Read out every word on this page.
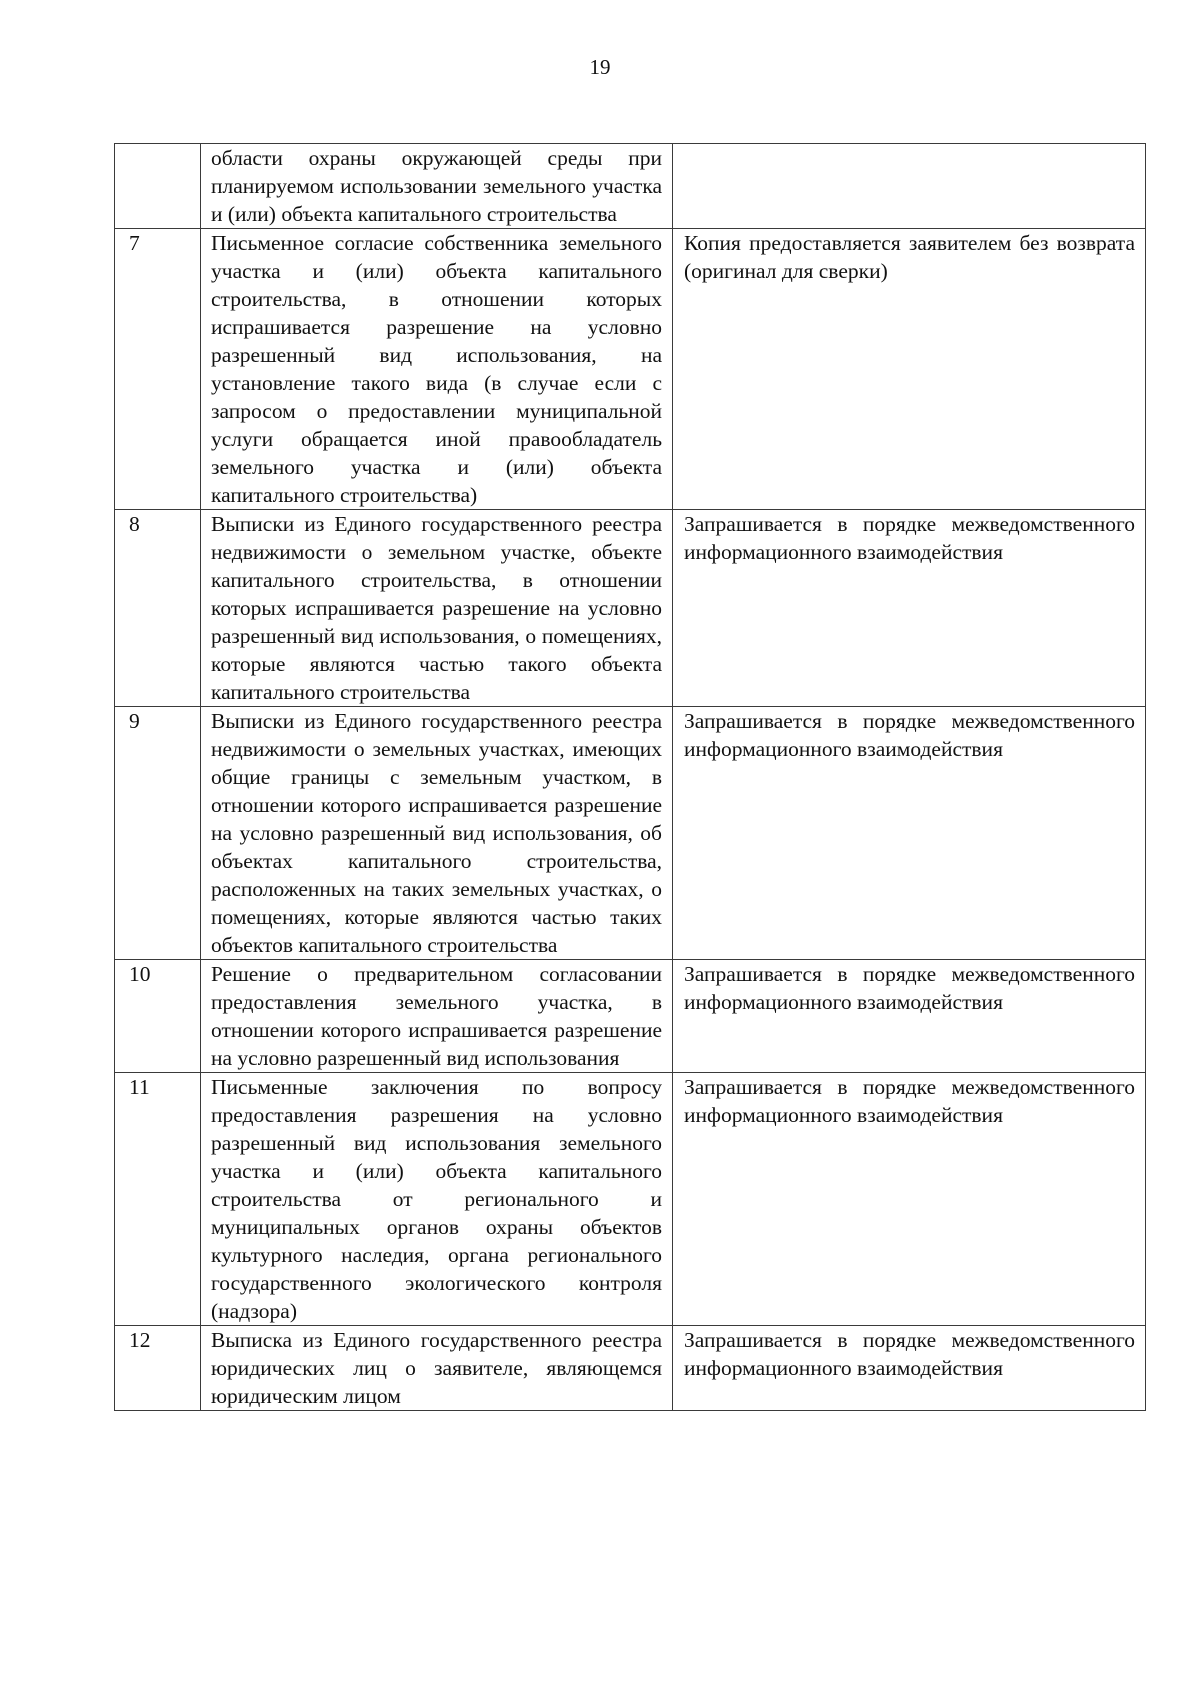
19

	области охраны окружающей среды при планируемом использовании земельного участка и (или) объекта капитального строительства	

7	Письменное согласие собственника земельного участка и (или) объекта капитального строительства, в отношении которых испрашивается разрешение на условно разрешенный вид использования, на установление такого вида (в случае если с запросом о предоставлении муниципальной услуги обращается иной правообладатель земельного участка и (или) объекта капитального строительства)	Копия предоставляется заявителем без возврата (оригинал для сверки)

8	Выписки из Единого государственного реестра недвижимости о земельном участке, объекте капитального строительства, в отношении которых испрашивается разрешение на условно разрешенный вид использования, о помещениях, которые являются частью такого объекта капитального строительства	Запрашивается в порядке межведомственного информационного взаимодействия

9	Выписки из Единого государственного реестра недвижимости о земельных участках, имеющих общие границы с земельным участком, в отношении которого испрашивается разрешение на условно разрешенный вид использования, об объектах капитального строительства, расположенных на таких земельных участках, о помещениях, которые являются частью таких объектов капитального строительства	Запрашивается в порядке межведомственного информационного взаимодействия

10	Решение о предварительном согласовании предоставления земельного участка, в отношении которого испрашивается разрешение на условно разрешенный вид использования	Запрашивается в порядке межведомственного информационного взаимодействия

11	Письменные заключения по вопросу предоставления разрешения на условно разрешенный вид использования земельного участка и (или) объекта капитального строительства от регионального и муниципальных органов охраны объектов культурного наследия, органа регионального государственного экологического контроля (надзора)	Запрашивается в порядке межведомственного информационного взаимодействия

12	Выписка из Единого государственного реестра юридических лиц о заявителе, являющемся юридическим лицом	Запрашивается в порядке межведомственного информационного взаимодействия
